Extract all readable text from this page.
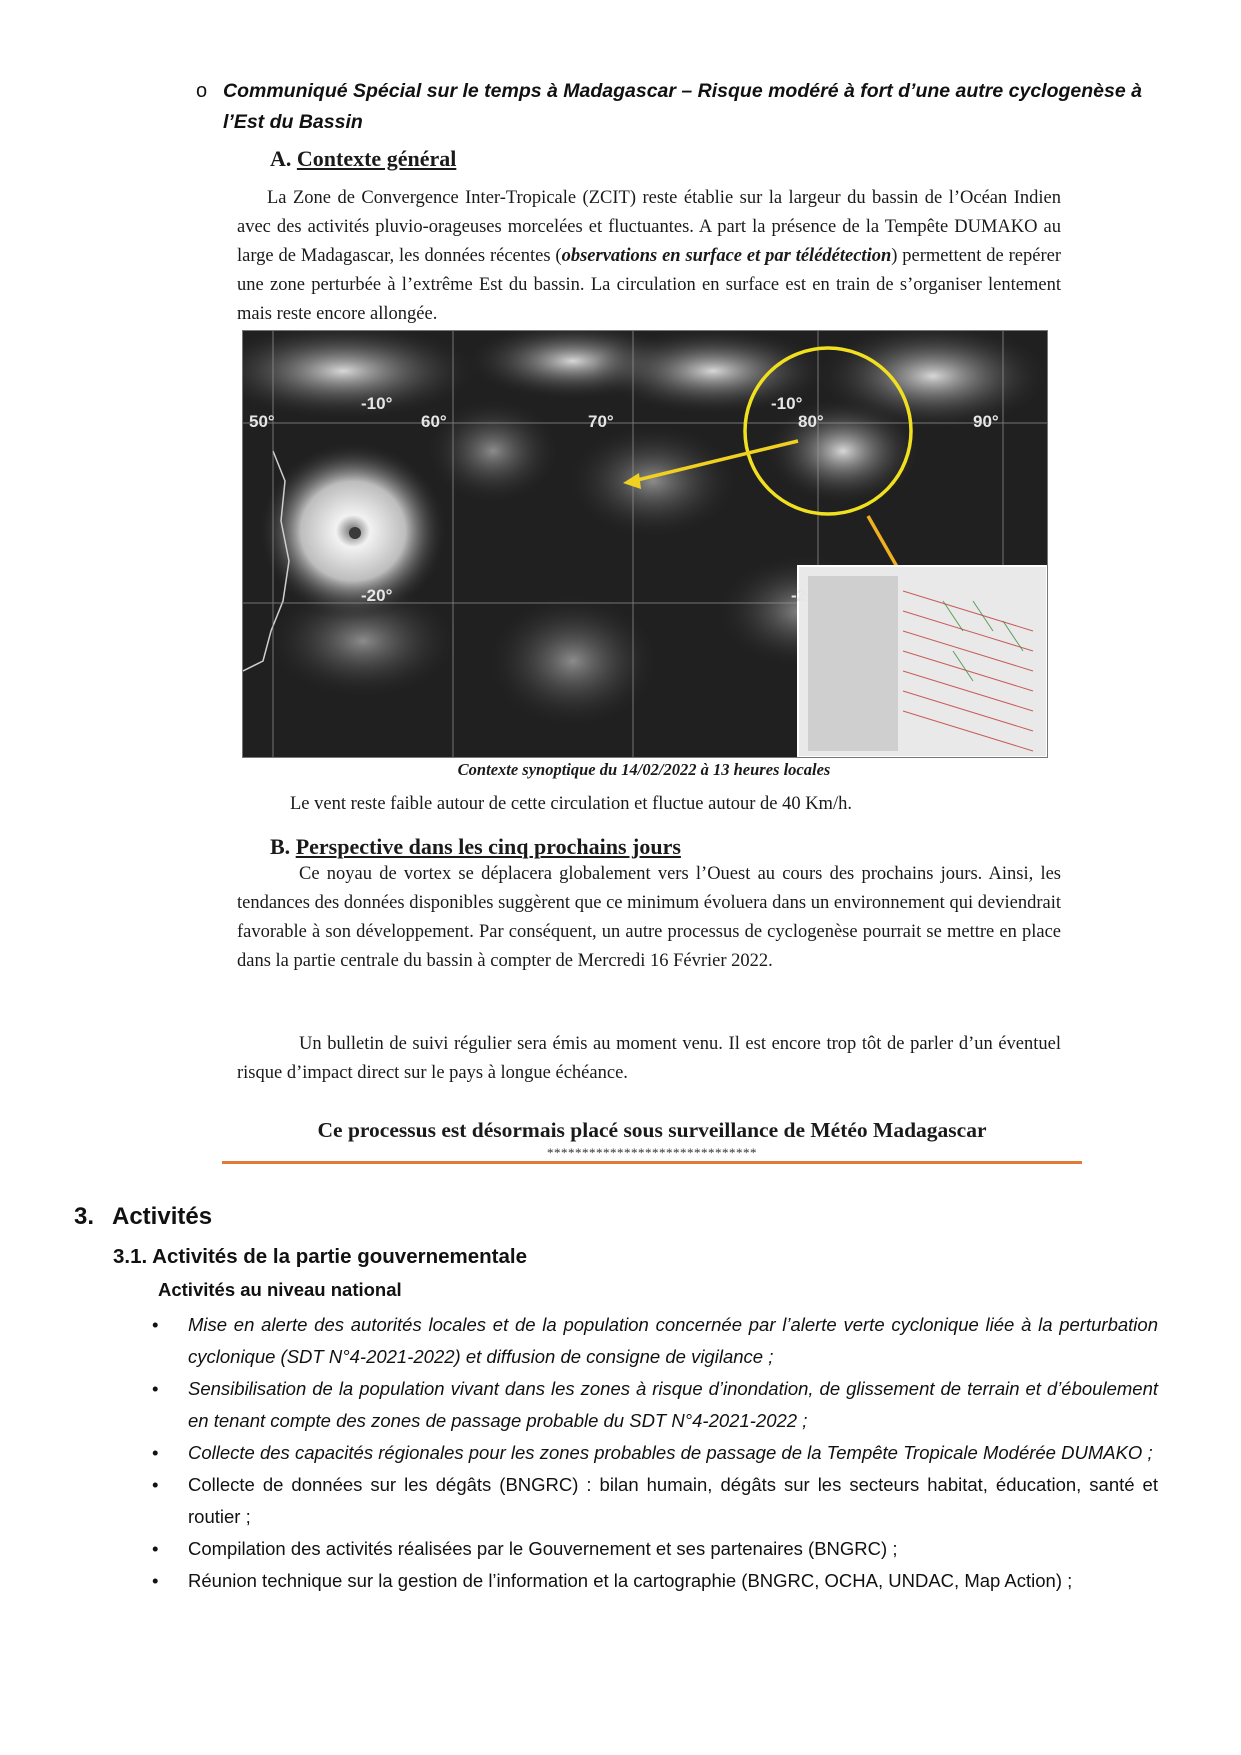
o Communiqué Spécial sur le temps à Madagascar – Risque modéré à fort d’une autre cyclogenèse à l’Est du Bassin
A. Contexte général
La Zone de Convergence Inter-Tropicale (ZCIT) reste établie sur la largeur du bassin de l’Océan Indien avec des activités pluvio-orageuses morcelées et fluctuantes. A part la présence de la Tempête DUMAKO au large de Madagascar, les données récentes (observations en surface et par télédétection) permettent de repérer une zone perturbée à l’extrême Est du bassin. La circulation en surface est en train de s’organiser lentement mais reste encore allongée.
50°	60°	70°	80°	90°
-10°	-10°
-20°	-2
Contexte synoptique du 14/02/2022 à 13 heures locales
Le vent reste faible autour de cette circulation et fluctue autour de 40 Km/h.
B. Perspective dans les cinq prochains jours
Ce noyau de vortex se déplacera globalement vers l’Ouest au cours des prochains jours. Ainsi, les tendances des données disponibles suggèrent que ce minimum évoluera dans un environnement qui deviendrait favorable à son développement. Par conséquent, un autre processus de cyclogenèse pourrait se mettre en place dans la partie centrale du bassin à compter de Mercredi 16 Février 2022.
Un bulletin de suivi régulier sera émis au moment venu. Il est encore trop tôt de parler d’un éventuel risque d’impact direct sur le pays à longue échéance.
Ce processus est désormais placé sous surveillance de Météo Madagascar
******************************
3. Activités
3.1. Activités de la partie gouvernementale
Activités au niveau national
• Mise en alerte des autorités locales et de la population concernée par l’alerte verte cyclonique liée à la perturbation cyclonique (SDT N°4-2021-2022) et diffusion de consigne de vigilance ;
• Sensibilisation de la population vivant dans les zones à risque d’inondation, de glissement de terrain et d’éboulement en tenant compte des zones de passage probable du SDT N°4-2021-2022 ;
• Collecte des capacités régionales pour les zones probables de passage de la Tempête Tropicale Modérée DUMAKO ;
• Collecte de données sur les dégâts (BNGRC) : bilan humain, dégâts sur les secteurs habitat, éducation, santé et routier ;
• Compilation des activités réalisées par le Gouvernement et ses partenaires (BNGRC) ;
• Réunion technique sur la gestion de l’information et la cartographie (BNGRC, OCHA, UNDAC, Map Action) ;
